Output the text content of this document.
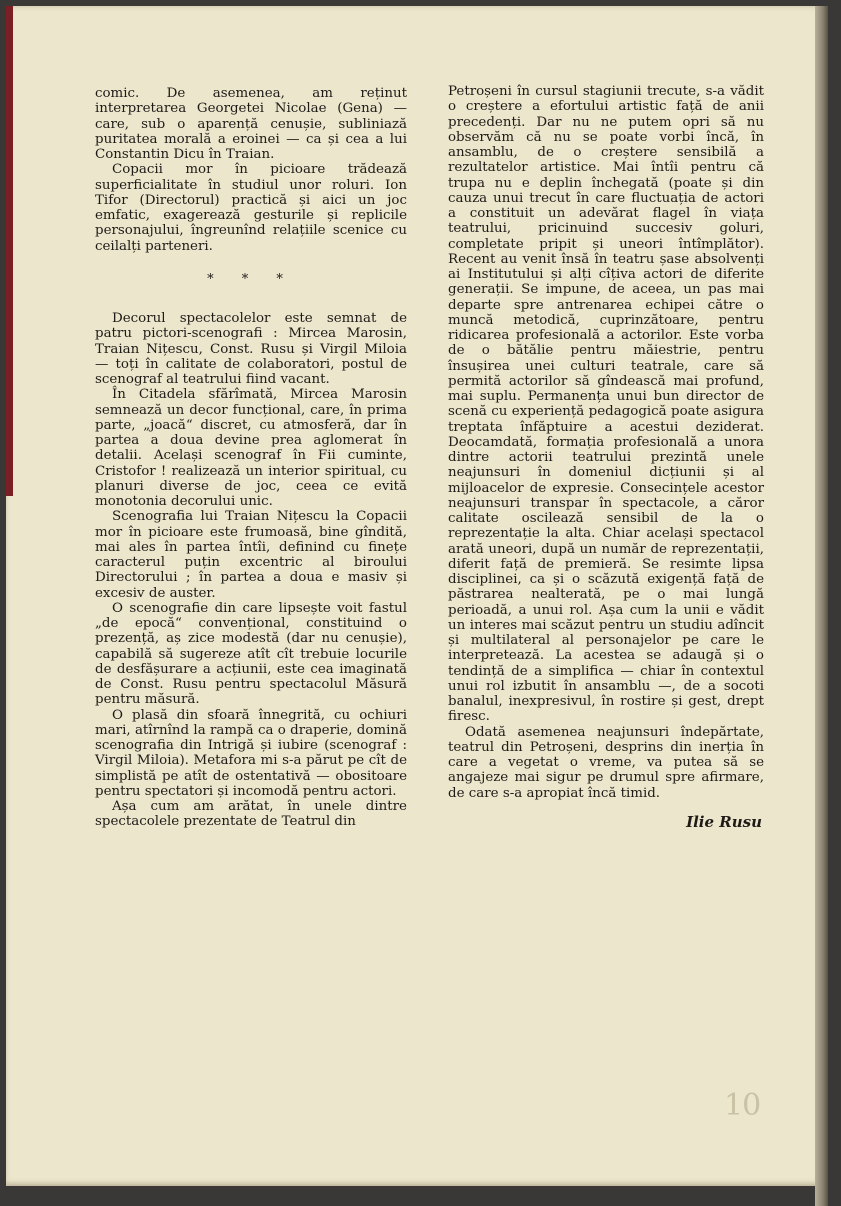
comic. De asemenea, am reținut interpretarea Georgetei Nicolae (Gena) — care, sub o aparență cenușie, subliniază puritatea morală a eroinei — ca și cea a lui Constantin Dicu în Traian.

Copacii mor în picioare trădează superficialitate în studiul unor roluri. Ion Tifor (Directorul) practică și aici un joc emfatic, exagerează gesturile și replicile personajului, îngreunînd relațiile scenice cu ceilalți parteneri.

* * *

Decorul spectacolelor este semnat de patru pictori-scenografi : Mircea Marosin, Traian Nițescu, Const. Rusu și Virgil Miloia — toți în calitate de colaboratori, postul de scenograf al teatrului fiind vacant.

În Citadela sfărîmată, Mircea Marosin semnează un decor funcțional, care, în prima parte, „joacă“ discret, cu atmosferă, dar în partea a doua devine prea aglomerat în detalii. Același scenograf în Fii cuminte, Cristofor ! realizează un interior spiritual, cu planuri diverse de joc, ceea ce evită monotonia decorului unic.

Scenografia lui Traian Nițescu la Copacii mor în picioare este frumoasă, bine gîndită, mai ales în partea întîi, definind cu finețe caracterul puțin excentric al biroului Directorului ; în partea a doua e masiv și excesiv de auster.

O scenografie din care lipsește voit fastul „de epocă“ convențional, constituind o prezență, aș zice modestă (dar nu cenușie), capabilă să sugereze atît cît trebuie locurile de desfășurare a acțiunii, este cea imaginată de Const. Rusu pentru spectacolul Măsură pentru măsură.

O plasă din sfoară înnegrită, cu ochiuri mari, atîrnînd la rampă ca o draperie, domină scenografia din Intrigă și iubire (scenograf : Virgil Miloia). Metafora mi s-a părut pe cît de simplistă pe atît de ostentativă — obositoare pentru spectatori și incomodă pentru actori.

Așa cum am arătat, în unele dintre spectacolele prezentate de Teatrul din

Petroșeni în cursul stagiunii trecute, s-a vădit o creștere a efortului artistic față de anii precedenți. Dar nu ne putem opri să nu observăm că nu se poate vorbi încă, în ansamblu, de o creștere sensibilă a rezultatelor artistice. Mai întîi pentru că trupa nu e deplin închegată (poate și din cauza unui trecut în care fluctuația de actori a constituit un adevărat flagel în viața teatrului, pricinuind succesiv goluri, completate pripit și uneori întîmplător). Recent au venit însă în teatru șase absolvenți ai Institutului și alți cîțiva actori de diferite generații. Se impune, de aceea, un pas mai departe spre antrenarea echipei către o muncă metodică, cuprinzătoare, pentru ridicarea profesională a actorilor. Este vorba de o bătălie pentru măiestrie, pentru însușirea unei culturi teatrale, care să permită actorilor să gîndească mai profund, mai suplu. Permanența unui bun director de scenă cu experiență pedagogică poate asigura treptata înfăptuire a acestui deziderat. Deocamdată, formația profesională a unora dintre actorii teatrului prezintă unele neajunsuri în domeniul dicțiunii și al mijloacelor de expresie. Consecințele acestor neajunsuri transpar în spectacole, a căror calitate oscilează sensibil de la o reprezentație la alta. Chiar același spectacol arată uneori, după un număr de reprezentații, diferit față de premieră. Se resimte lipsa disciplinei, ca și o scăzută exigență față de păstrarea nealterată, pe o mai lungă perioadă, a unui rol. Așa cum la unii e vădit un interes mai scăzut pentru un studiu adîncit și multilateral al personajelor pe care le interpretează. La acestea se adaugă și o tendință de a simplifica — chiar în contextul unui rol izbutit în ansamblu —, de a socoti banalul, inexpresivul, în rostire și gest, drept firesc.

Odată asemenea neajunsuri îndepărtate, teatrul din Petroșeni, desprins din inerția în care a vegetat o vreme, va putea să se angajeze mai sigur pe drumul spre afirmare, de care s-a apropiat încă timid.

Ilie Rusu
10
